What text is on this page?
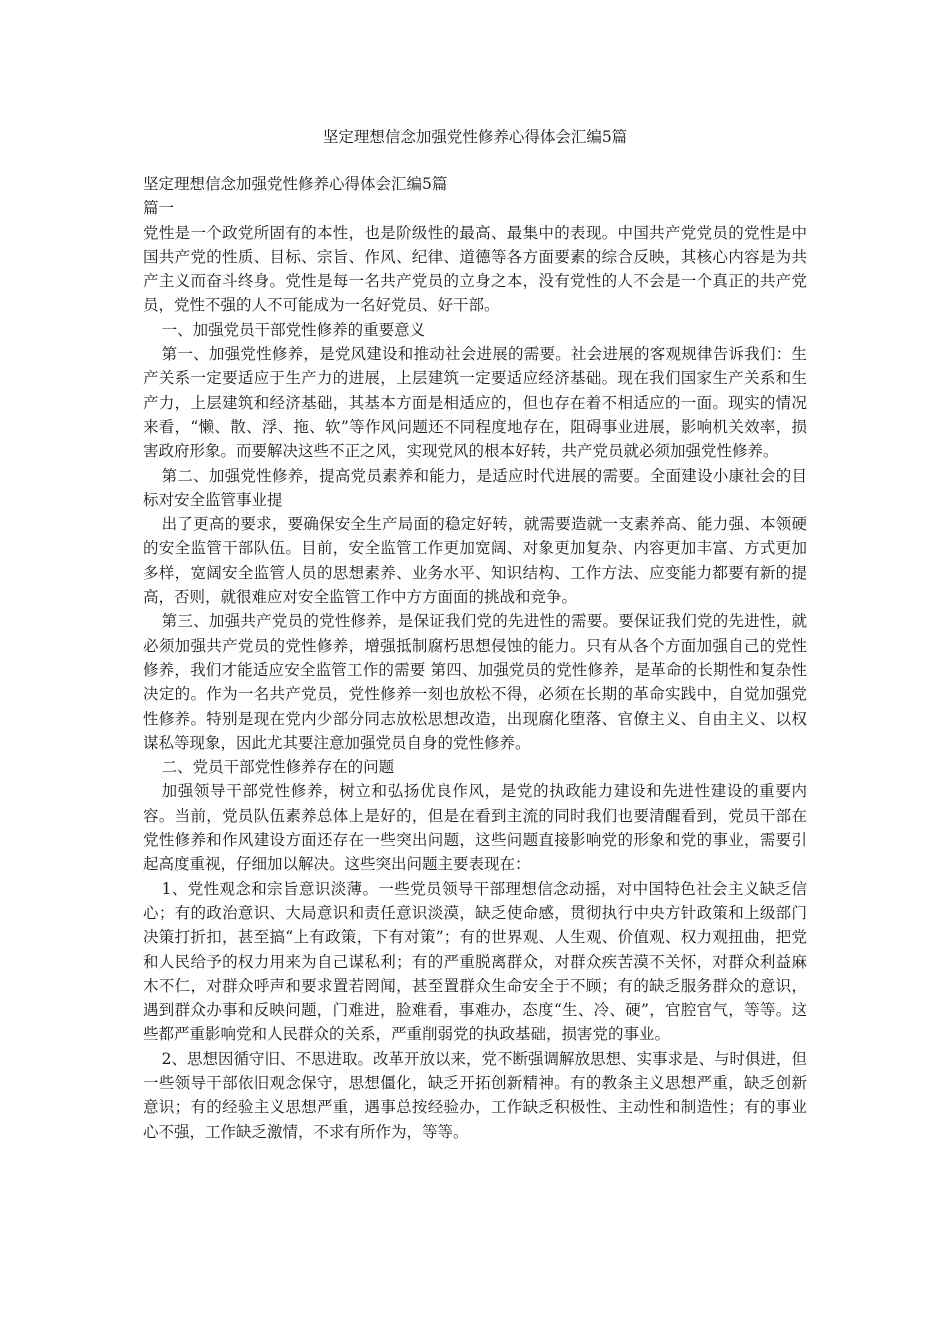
坚定理想信念加强党性修养心得体会汇编5篇

坚定理想信念加强党性修养心得体会汇编5篇

篇一

党性是一个政党所固有的本性，也是阶级性的最高、最集中的表现。中国共产党党员的党性是中国共产党的性质、目标、宗旨、作风、纪律、道德等各方面要素的综合反映，其核心内容是为共产主义而奋斗终身。党性是每一名共产党员的立身之本，没有党性的人不会是一个真正的共产党员，党性不强的人不可能成为一名好党员、好干部。

一、加强党员干部党性修养的重要意义

第一、加强党性修养，是党风建设和推动社会进展的需要。社会进展的客观规律告诉我们：生产关系一定要适应于生产力的进展，上层建筑一定要适应经济基础。现在我们国家生产关系和生产力，上层建筑和经济基础，其基本方面是相适应的，但也存在着不相适应的一面。现实的情况来看，“懒、散、浮、拖、软”等作风问题还不同程度地存在，阻碍事业进展，影响机关效率，损害政府形象。而要解决这些不正之风，实现党风的根本好转，共产党员就必须加强党性修养。

第二、加强党性修养，提高党员素养和能力，是适应时代进展的需要。全面建设小康社会的目标对安全监管事业提

出了更高的要求，要确保安全生产局面的稳定好转，就需要造就一支素养高、能力强、本领硬的安全监管干部队伍。目前，安全监管工作更加宽阔、对象更加复杂、内容更加丰富、方式更加多样，宽阔安全监管人员的思想素养、业务水平、知识结构、工作方法、应变能力都要有新的提高，否则，就很难应对安全监管工作中方方面面的挑战和竞争。

第三、加强共产党员的党性修养，是保证我们党的先进性的需要。要保证我们党的先进性，就必须加强共产党员的党性修养，增强抵制腐朽思想侵蚀的能力。只有从各个方面加强自己的党性修养，我们才能适应安全监管工作的需要 第四、加强党员的党性修养，是革命的长期性和复杂性决定的。作为一名共产党员，党性修养一刻也放松不得，必须在长期的革命实践中，自觉加强党性修养。特别是现在党内少部分同志放松思想改造，出现腐化堕落、官僚主义、自由主义、以权谋私等现象，因此尤其要注意加强党员自身的党性修养。

二、党员干部党性修养存在的问题

加强领导干部党性修养，树立和弘扬优良作风，是党的执政能力建设和先进性建设的重要内容。当前，党员队伍素养总体上是好的，但是在看到主流的同时我们也要清醒看到，党员干部在党性修养和作风建设方面还存在一些突出问题，这些问题直接影响党的形象和党的事业，需要引起高度重视，仔细加以解决。这些突出问题主要表现在：

1、党性观念和宗旨意识淡薄。一些党员领导干部理想信念动摇，对中国特色社会主义缺乏信心；有的政治意识、大局意识和责任意识淡漠，缺乏使命感，贯彻执行中央方针政策和上级部门决策打折扣，甚至搞“上有政策，下有对策”；有的世界观、人生观、价值观、权力观扭曲，把党和人民给予的权力用来为自己谋私利；有的严重脱离群众，对群众疾苦漠不关怀，对群众利益麻木不仁，对群众呼声和要求置若罔闻，甚至置群众生命安全于不顾；有的缺乏服务群众的意识，遇到群众办事和反映问题，门难进，脸难看，事难办，态度“生、冷、硬”，官腔官气，等等。这些都严重影响党和人民群众的关系，严重削弱党的执政基础，损害党的事业。

2、思想因循守旧、不思进取。改革开放以来，党不断强调解放思想、实事求是、与时俱进，但一些领导干部依旧观念保守，思想僵化，缺乏开拓创新精神。有的教条主义思想严重，缺乏创新意识；有的经验主义思想严重，遇事总按经验办，工作缺乏积极性、主动性和制造性；有的事业心不强，工作缺乏激情，不求有所作为，等等。
